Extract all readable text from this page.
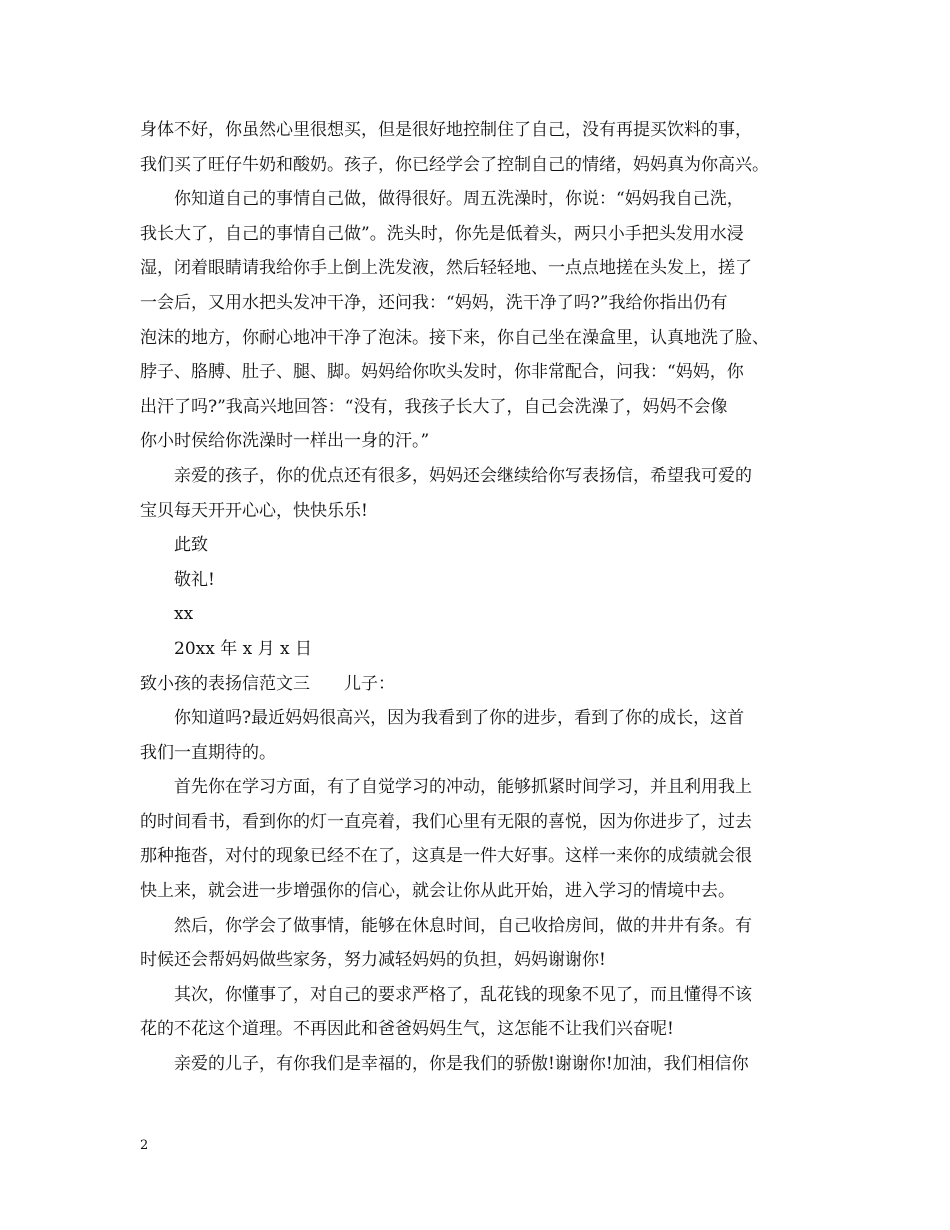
身体不好，你虽然心里很想买，但是很好地控制住了自己，没有再提买饮料的事，
我们买了旺仔牛奶和酸奶。孩子，你已经学会了控制自己的情绪，妈妈真为你高兴。
你知道自己的事情自己做，做得很好。周五洗澡时，你说：“妈妈我自己洗，
我长大了，自己的事情自己做”。洗头时，你先是低着头，两只小手把头发用水浸
湿，闭着眼睛请我给你手上倒上洗发液，然后轻轻地、一点点地搓在头发上，搓了
一会后，又用水把头发冲干净，还问我：“妈妈，洗干净了吗?”我给你指出仍有
泡沫的地方，你耐心地冲干净了泡沫。接下来，你自己坐在澡盒里，认真地洗了脸、
脖子、胳膊、肚子、腿、脚。妈妈给你吹头发时，你非常配合，问我：“妈妈，你
出汗了吗?”我高兴地回答：“没有，我孩子长大了，自己会洗澡了，妈妈不会像
你小时侯给你洗澡时一样出一身的汗。”
亲爱的孩子，你的优点还有很多，妈妈还会继续给你写表扬信，希望我可爱的
宝贝每天开开心心，快快乐乐!
此致
敬礼!
xx
20xx 年 x 月 x 日
致小孩的表扬信范文三　　儿子：
你知道吗?最近妈妈很高兴，因为我看到了你的进步，看到了你的成长，这首
我们一直期待的。
首先你在学习方面，有了自觉学习的冲动，能够抓紧时间学习，并且利用我上
的时间看书，看到你的灯一直亮着，我们心里有无限的喜悦，因为你进步了，过去
那种拖沓，对付的现象已经不在了，这真是一件大好事。这样一来你的成绩就会很
快上来，就会进一步增强你的信心，就会让你从此开始，进入学习的情境中去。
然后，你学会了做事情，能够在休息时间，自己收拾房间，做的井井有条。有
时候还会帮妈妈做些家务，努力减轻妈妈的负担，妈妈谢谢你!
其次，你懂事了，对自己的要求严格了，乱花钱的现象不见了，而且懂得不该
花的不花这个道理。不再因此和爸爸妈妈生气，这怎能不让我们兴奋呢!
亲爱的儿子，有你我们是幸福的，你是我们的骄傲!谢谢你!加油，我们相信你
2
